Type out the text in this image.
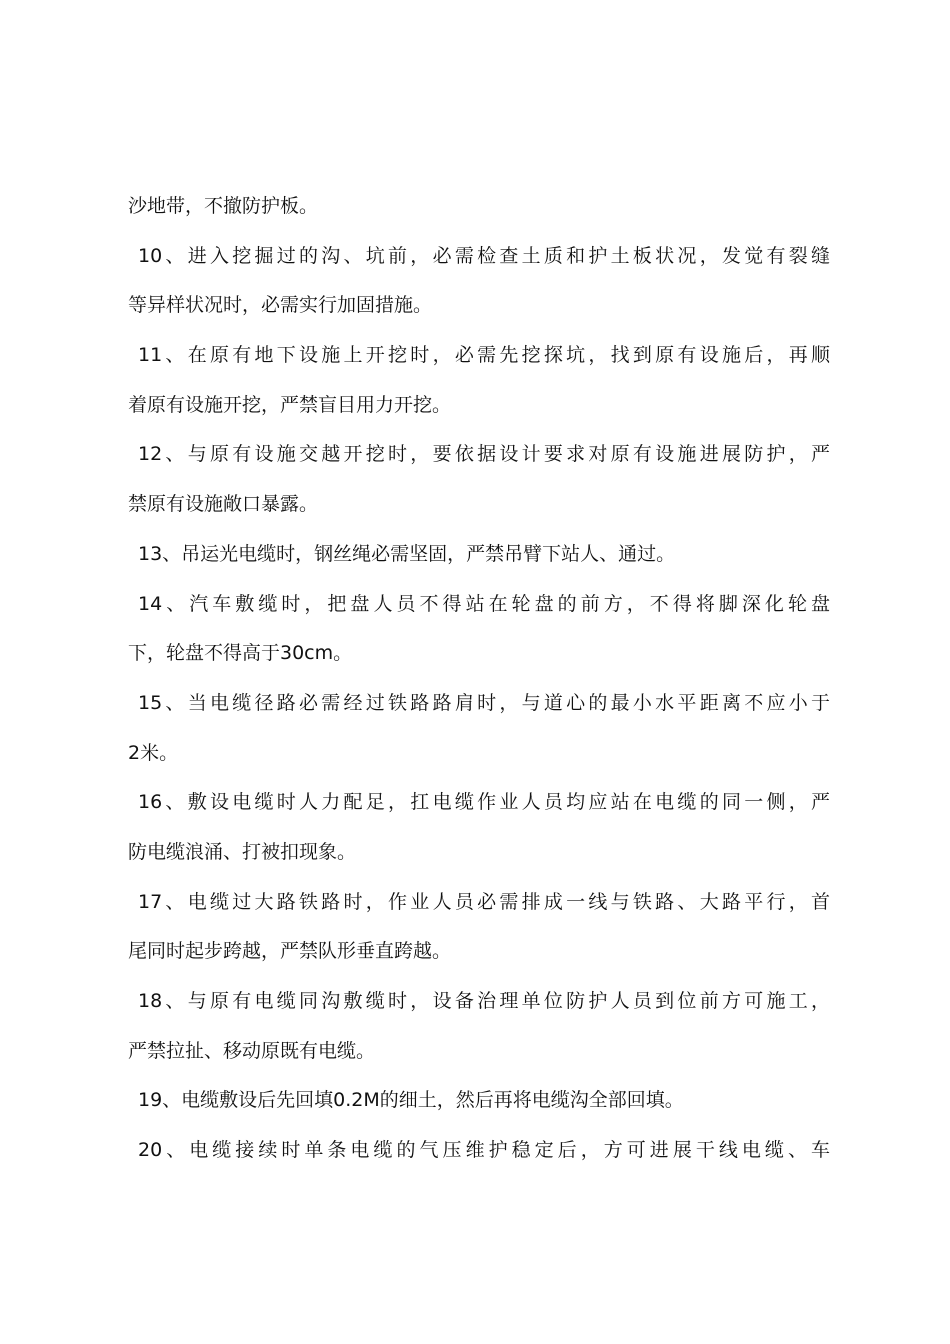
沙地带，不撤防护板。
10、进入挖掘过的沟、坑前，必需检查土质和护土板状况，发觉有裂缝
等异样状况时，必需实行加固措施。
11、在原有地下设施上开挖时，必需先挖探坑，找到原有设施后，再顺
着原有设施开挖，严禁盲目用力开挖。
12、与原有设施交越开挖时，要依据设计要求对原有设施进展防护，严
禁原有设施敞口暴露。
13、吊运光电缆时，钢丝绳必需坚固，严禁吊臂下站人、通过。
14、汽车敷缆时，把盘人员不得站在轮盘的前方，不得将脚深化轮盘
下，轮盘不得高于30cm。
15、当电缆径路必需经过铁路路肩时，与道心的最小水平距离不应小于
2米。
16、敷设电缆时人力配足，扛电缆作业人员均应站在电缆的同一侧，严
防电缆浪涌、打被扣现象。
17、电缆过大路铁路时，作业人员必需排成一线与铁路、大路平行，首
尾同时起步跨越，严禁队形垂直跨越。
18、与原有电缆同沟敷缆时，设备治理单位防护人员到位前方可施工，
严禁拉扯、移动原既有电缆。
19、电缆敷设后先回填0.2M的细土，然后再将电缆沟全部回填。
20、电缆接续时单条电缆的气压维护稳定后，方可进展干线电缆、车
